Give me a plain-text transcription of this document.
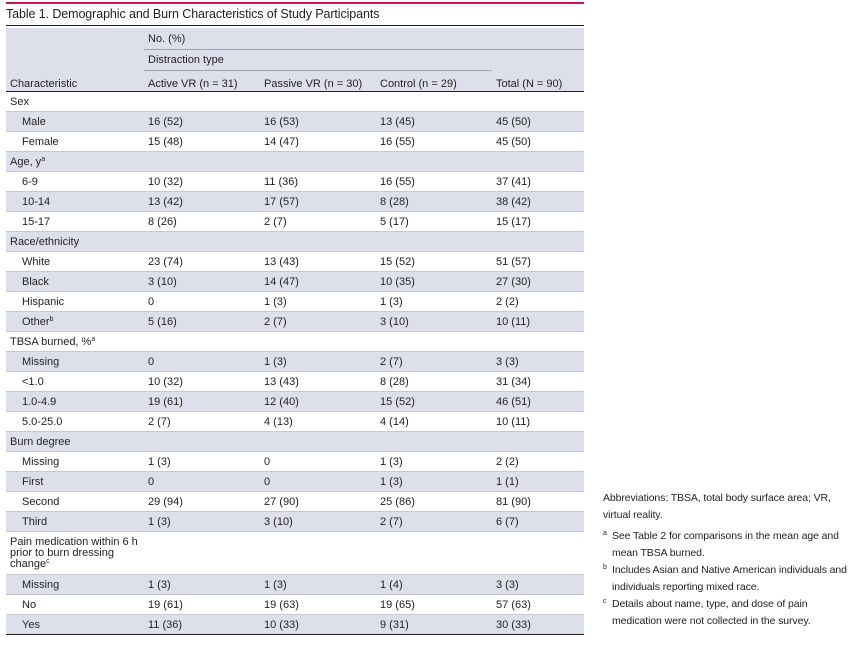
Table 1. Demographic and Burn Characteristics of Study Participants
	No. (%)			
	Distraction type			
Characteristic	Active VR (n = 31)	Passive VR (n = 30)	Control (n = 29)	Total (N = 90)
Sex				
Male	16 (52)	16 (53)	13 (45)	45 (50)
Female	15 (48)	14 (47)	16 (55)	45 (50)
Age, $y^a$				
6-9	10 (32)	11 (36)	16 (55)	37 (41)
10-14	13 (42)	17 (57)	8 (28)	38 (42)
15-17	8 (26)	2 (7)	5 (17)	15 (17)
Race/ethnicity				
White	23 (74)	13 (43)	15 (52)	51 (57)
Black	3 (10)	14 (47)	10 (35)	27 (30)
Hispanic	0	1 (3)	1 (3)	2 (2)
Other$^b$	5 (16)	2 (7)	3 (10)	10 (11)
TBSA burned, %$^a$				
Missing	0	1 (3)	2 (7)	3 (3)
<1.0	10 (32)	13 (43)	8 (28)	31 (34)
1.0-4.9	19 (61)	12 (40)	15 (52)	46 (51)
5.0-25.0	2 (7)	4 (13)	4 (14)	10 (11)
Burn degree				
Missing	1 (3)	0	1 (3)	2 (2)
First	0	0	1 (3)	1 (1)
Second	29 (94)	27 (90)	25 (86)	81 (90)
Third	1 (3)	3 (10)	2 (7)	6 (7)
Pain medication within 6 h prior to burn dressing change$^c$				
Missing	1 (3)	1 (3)	1 (4)	3 (3)
No	19 (61)	19 (63)	19 (65)	57 (63)
Yes	11 (36)	10 (33)	9 (31)	30 (33)

Abbreviations: TBSA, total body surface area; VR, virtual reality.

a See Table 2 for comparisons in the mean age and mean TBSA burned.
b Includes Asian and Native American individuals and individuals reporting mixed race.
c Details about name, type, and dose of pain medication were not collected in the survey.
